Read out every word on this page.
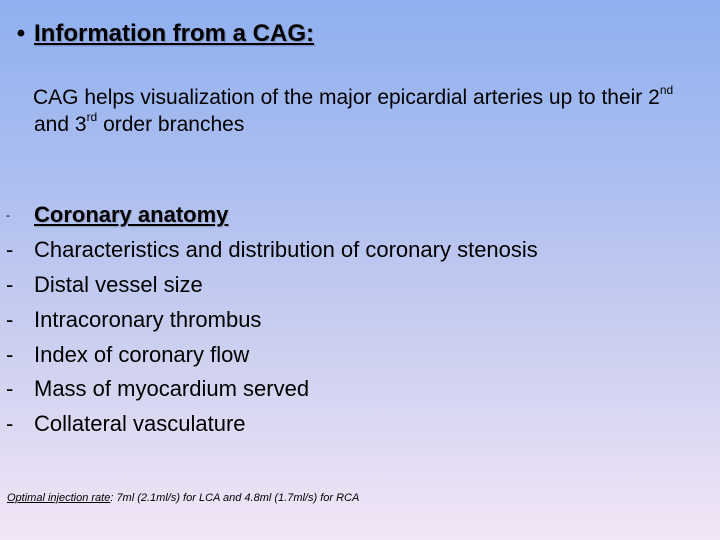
• Information from a CAG:
CAG helps visualization of the major epicardial arteries up to their 2nd and 3rd order branches
-	Coronary anatomy
- Characteristics and distribution of coronary stenosis
- Distal vessel size
- Intracoronary thrombus
- Index of coronary flow
- Mass of myocardium served
- Collateral vasculature
Optimal injection rate: 7ml (2.1ml/s) for LCA and 4.8ml (1.7ml/s) for RCA
